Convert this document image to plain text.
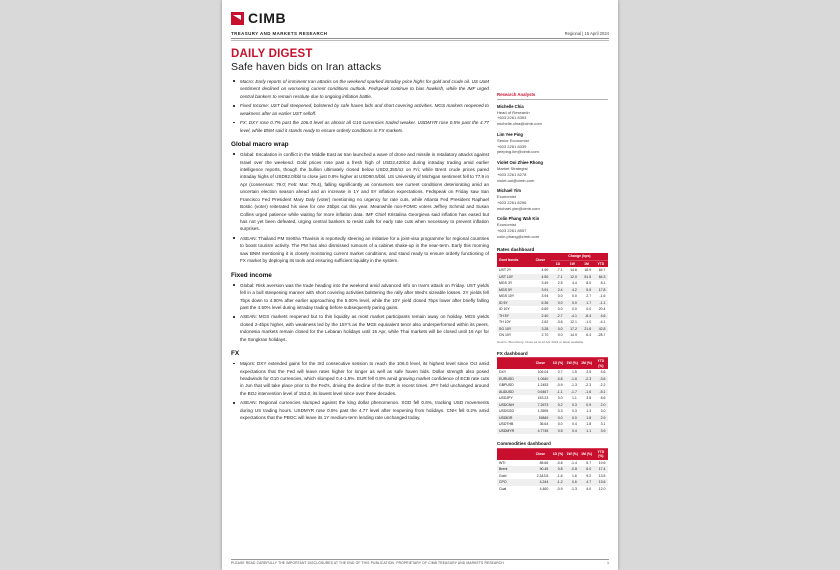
CIMB
TREASURY AND MARKETS RESEARCH	Regional | 15 April 2024
DAILY DIGEST
Safe haven bids on Iran attacks
Macro: Early reports of imminent Iran attacks on the weekend sparked intraday price highs for gold and crude oil. US UoM sentiment declined on worsening current conditions outlook. Fedspeak continue to bias hawkish, while the IMF urged central bankers to remain resolute due to ongoing inflation battle.
Fixed Income: UST bull steepened, bolstered by safe haven bids and short covering activities. MGS markets reopened to weakness after an earlier UST selloff.
FX: DXY rose 0.7% past the 106.0 level as almost all G10 currencies traded weaker. USDMYR rose 0.5% past the 4.77 level, while BNM said it stands ready to ensure orderly conditions in FX markets.
Global macro wrap
Global: Escalation in conflict in the Middle East as Iran launched a wave of drone and missile in retaliatory attacks against Israel over the weekend. Gold prices rose past a fresh high of USD2,420/oz during intraday trading amid earlier intelligence reports, though the bullion ultimately closed below USD2,350/oz on Fri; while Brent crude prices pared intraday highs of USD92.0/bbl to close just 0.8% higher at USD90.5/bbl. US University of Michigan sentiment fell to 77.9 in Apr (consensus: 79.0; Feb: Mar: 79.4), falling significantly as consumers see current conditions deteriorating amid an uncertain election season ahead and an increase in 1Y and 5Y inflation expectations. Fedspeak on Friday saw San Francisco Fed President Mary Daly (voter) mentioning no urgency for rate cuts, while Atlanta Fed President Raphael Bostic (voter) reiterated his view for one 25bps cut this year. Meanwhile non-FOMC voters Jeffrey Schmid and Susan Collins urged patience while waiting for more inflation data. IMF Chief Kristalina Georgieva said inflation has eased but has not yet been defeated, urging central bankers to resist calls for early rate cuts when necessary to prevent inflation surprises.
ASEAN: Thailand PM Srettha Thavisin is reportedly steering an initiative for a joint-visa programme for regional countries to boost tourism activity. The PM has also dismissed rumours of a cabinet shake-up in the near-term. Early this morning saw BNM mentioning it is closely monitoring current market conditions, and stand ready to ensure orderly functioning of FX market by deploying its tools and ensuring sufficient liquidity in the system.
Fixed income
Global: Risk aversion was the trade heading into the weekend amid advanced info on Iran's attack on Friday. UST yields fell in a bull steepening manner with short covering activities bolstering the rally after Wed's sizeable losses. 2Y yields fell 7bps down to 4.90% after earlier approaching the 5.00% level, while the 10Y yield closed 7bps lower after briefly falling past the 4.50% level during intraday trading before subsequently paring gains.
ASEAN: MGS markets reopened but to thin liquidity as most market participants remain away on holiday. MGS yields closed 2-4bps higher, with weakness led by the 15Y's as the MGII equivalent tenor also underperformed within its peers. Indonesia markets remain closed for the Lebaran holidays until 15 Apr, while Thai markets will be closed until 16 Apr for the Songkran holidays.
FX
Majors: DXY extended gains for the 3rd consecutive session to reach the 106.0 level, its highest level since Oct amid expectations that the Fed will leave rates higher for longer as well as safe haven bids. Dollar strength also posed headwinds for G10 currencies, which slumped 0.4-1.5%. EUR fell 0.8% amid growing market confidence of ECB rate cuts in Jun that will take place prior to the Fed's, driving the decline of the EUR in recent times. JPY held unchanged around the BOJ intervention level of 153.0, its lowest level since over three decades.
ASEAN: Regional currencies slumped against the king dollar phenomenon. SGD fell 0.6%, tracking USD movements during US trading hours. USDMYR rose 0.5% past the 4.77 level after reopening from holidays. CNH fell 0.2% amid expectations that the PBOC will leave its 1Y medium-term lending rate unchanged today.
Research Analysts
Michelle Chia
Head of Research
+603 2261 8353
michelle.chia@cimb.com
Lim Yee Ping
Senior Economist
+603 2261 8339
yeeping.lim@cimb.com
Violet Ooi Zhiee Rhong
Market Strategist
+603 2261 8278
violet.ooi@cimb.com
Michael Yim
Economist
+603 2261 8296
michael.yim@cimb.com
Colin Phang Wah Kin
Economist
+603 2261 8557
colin.phang@cimb.com
Rates dashboard
Govt bonds	Close	Change (bps)			
		1D	1W	1M	YTD
UST 2Y	4.90	-7.1	14.6	18.9	64.7
UST 10Y	4.50	-7.1	12.0	51.5	64.3
MGS 3Y	3.49	2.5	4.4	8.0	8.1
MGS 5Y	3.91	2.4	4.2	5.5	17.8
MGS 10Y	3.94	0.0	0.0	2.7	-1.6
ID 5Y	6.36	0.0	0.0	1.7	-1.1
ID 10Y	6.69	0.0	0.0	0.0	20.4
TH 5Y	2.40	-2.7	-4.1	-8.4	4.6
TH 10Y	2.62	-3.6	12.1	-1.0	-4.1
SG 10Y	3.28	0.0	17.2	21.6	42.8
CN 10Y	2.70	0.0	14.9	6.4	-28.7
Source: Bloomberg. Close as at 12 Apr 2024 or latest available.
FX dashboard
	Close	1D (%)	1W (%)	1M (%)	YTD (%)
DXY	106.04	0.7	1.5	2.5	4.6
EURUSD	1.0640	-0.8	-1.6	-2.3	-3.6
GBPUSD	1.2453	-0.9	-1.3	-2.3	-2.2
AUDUSD	0.6467	-1.1	-1.7	-1.6	-5.1
USDJPY	153.23	0.0	1.1	3.8	8.6
USDCNH	7.2673	0.2	0.3	0.9	2.0
USDSGD	1.3595	0.3	0.3	1.3	3.0
USDIDR	15849	0.0	0.0	1.8	2.9
USDTHB	36.64	0.0	0.4	1.8	3.1
USDMYR	4.7745	0.5	0.4	1.1	3.9
Commodities dashboard
	Close	1D (%)	1W (%)	1M (%)	YTD (%)
WTI	85.66	-0.8	-1.4	5.7	19.6
Brent	90.45	0.8	-0.8	6.0	17.4
Gold	2,343.8	-1.6	1.6	9.2	13.5
CPO	4,244	-1.2	0.6	4.7	13.6
Coal	4,460	-0.9	-1.3	4.0	12.0
PLEASE READ CAREFULLY THE IMPORTANT DISCLOSURES AT THE END OF THIS PUBLICATION. PROPRIETARY OF CIMB TREASURY AND MARKETS RESEARCH	1
